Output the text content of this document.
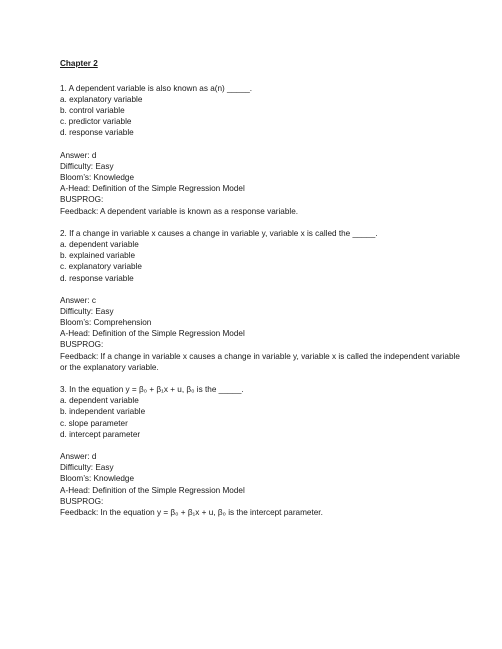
Chapter 2
1. A dependent variable is also known as a(n) _____.
a. explanatory variable
b. control variable
c. predictor variable
d. response variable
Answer: d
Difficulty: Easy
Bloom’s: Knowledge
A-Head: Definition of the Simple Regression Model
BUSPROG:
Feedback: A dependent variable is known as a response variable.
2. If a change in variable x causes a change in variable y, variable x is called the _____.
a. dependent variable
b. explained variable
c. explanatory variable
d. response variable
Answer: c
Difficulty: Easy
Bloom’s: Comprehension
A-Head: Definition of the Simple Regression Model
BUSPROG:
Feedback: If a change in variable x causes a change in variable y, variable x is called the independent variable or the explanatory variable.
3. In the equation y = β₀ + β₁x + u, β₀ is the _____.
a. dependent variable
b. independent variable
c. slope parameter
d. intercept parameter
Answer: d
Difficulty: Easy
Bloom’s: Knowledge
A-Head: Definition of the Simple Regression Model
BUSPROG:
Feedback: In the equation y = β₀ + β₁x + u, β₀ is the intercept parameter.
